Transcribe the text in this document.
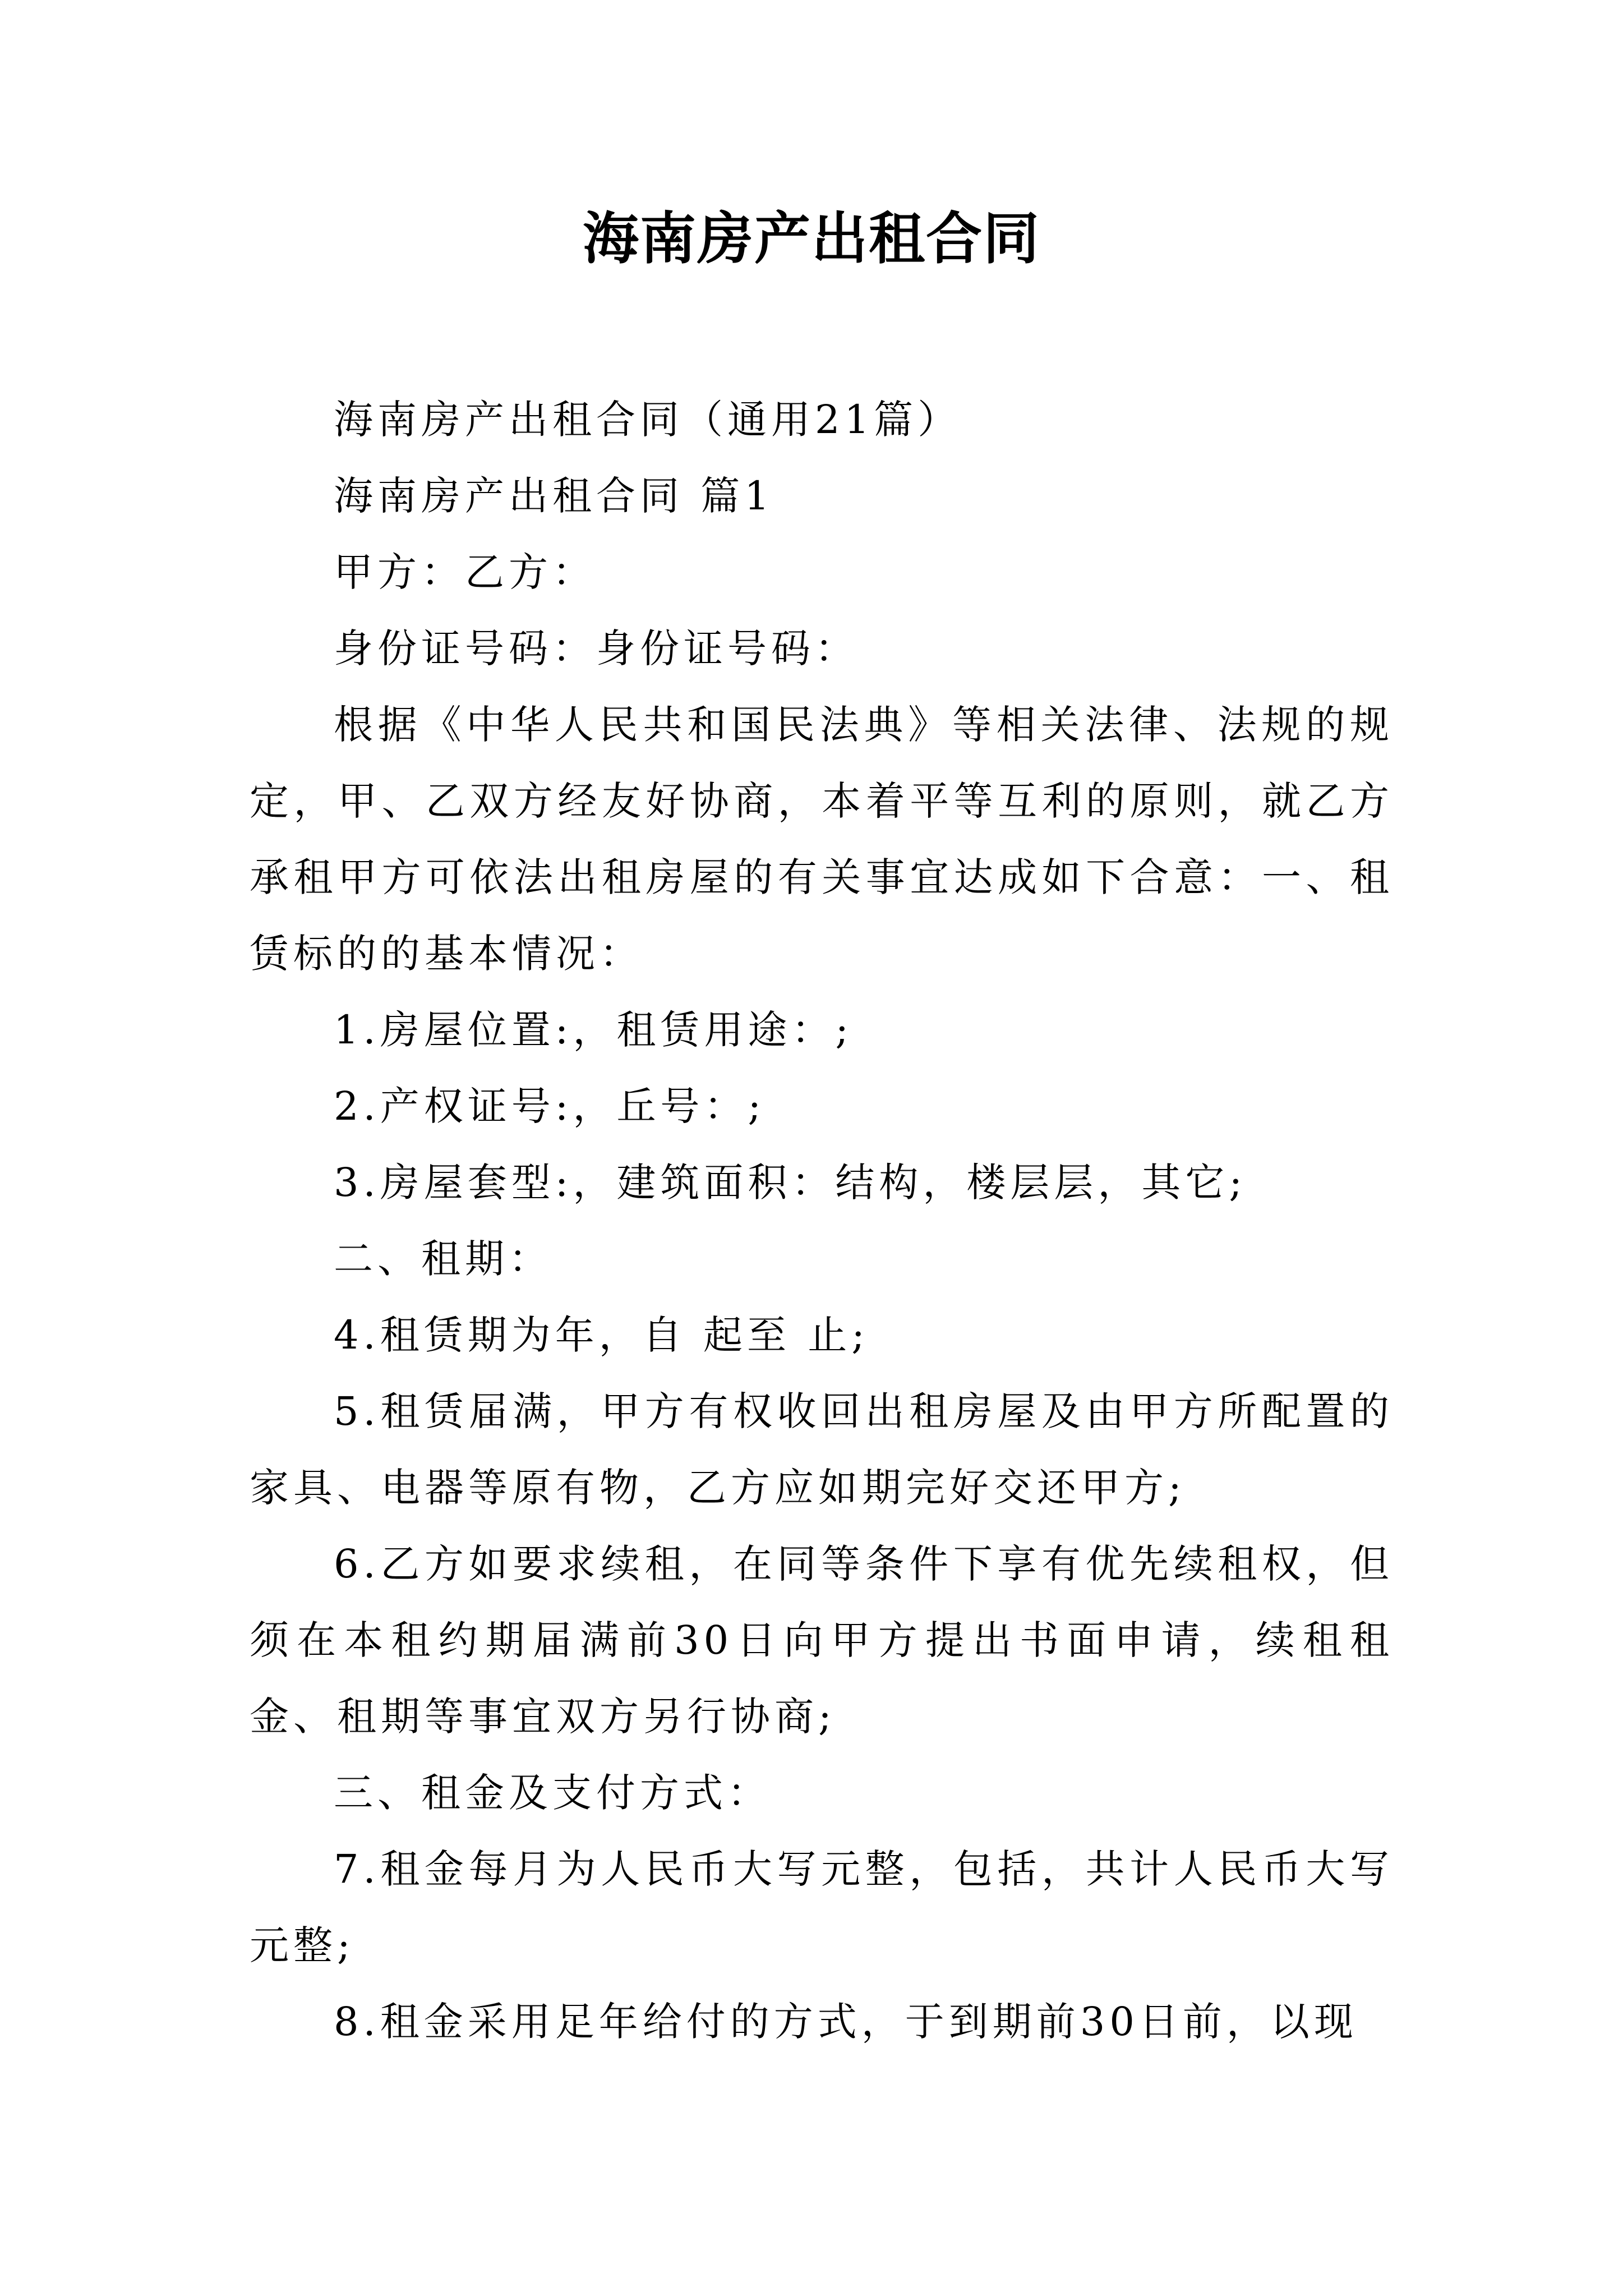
海南房产出租合同

海南房产出租合同（通用21篇）

海南房产出租合同 篇1

甲方：乙方：

身份证号码：身份证号码：

根据《中华人民共和国民法典》等相关法律、法规的规定，甲、乙双方经友好协商，本着平等互利的原则，就乙方承租甲方可依法出租房屋的有关事宜达成如下合意：一、租赁标的的基本情况：

1.房屋位置:，租赁用途：;

2.产权证号:，丘号：;

3.房屋套型:，建筑面积：结构，楼层层，其它;

二、租期：

4.租赁期为年，自 起至 止;

5.租赁届满，甲方有权收回出租房屋及由甲方所配置的家具、电器等原有物，乙方应如期完好交还甲方;

6.乙方如要求续租，在同等条件下享有优先续租权，但须在本租约期届满前30日向甲方提出书面申请，续租租金、租期等事宜双方另行协商;

三、租金及支付方式：

7.租金每月为人民币大写元整，包括，共计人民币大写元整;

8.租金采用足年给付的方式，于到期前30日前，以现
